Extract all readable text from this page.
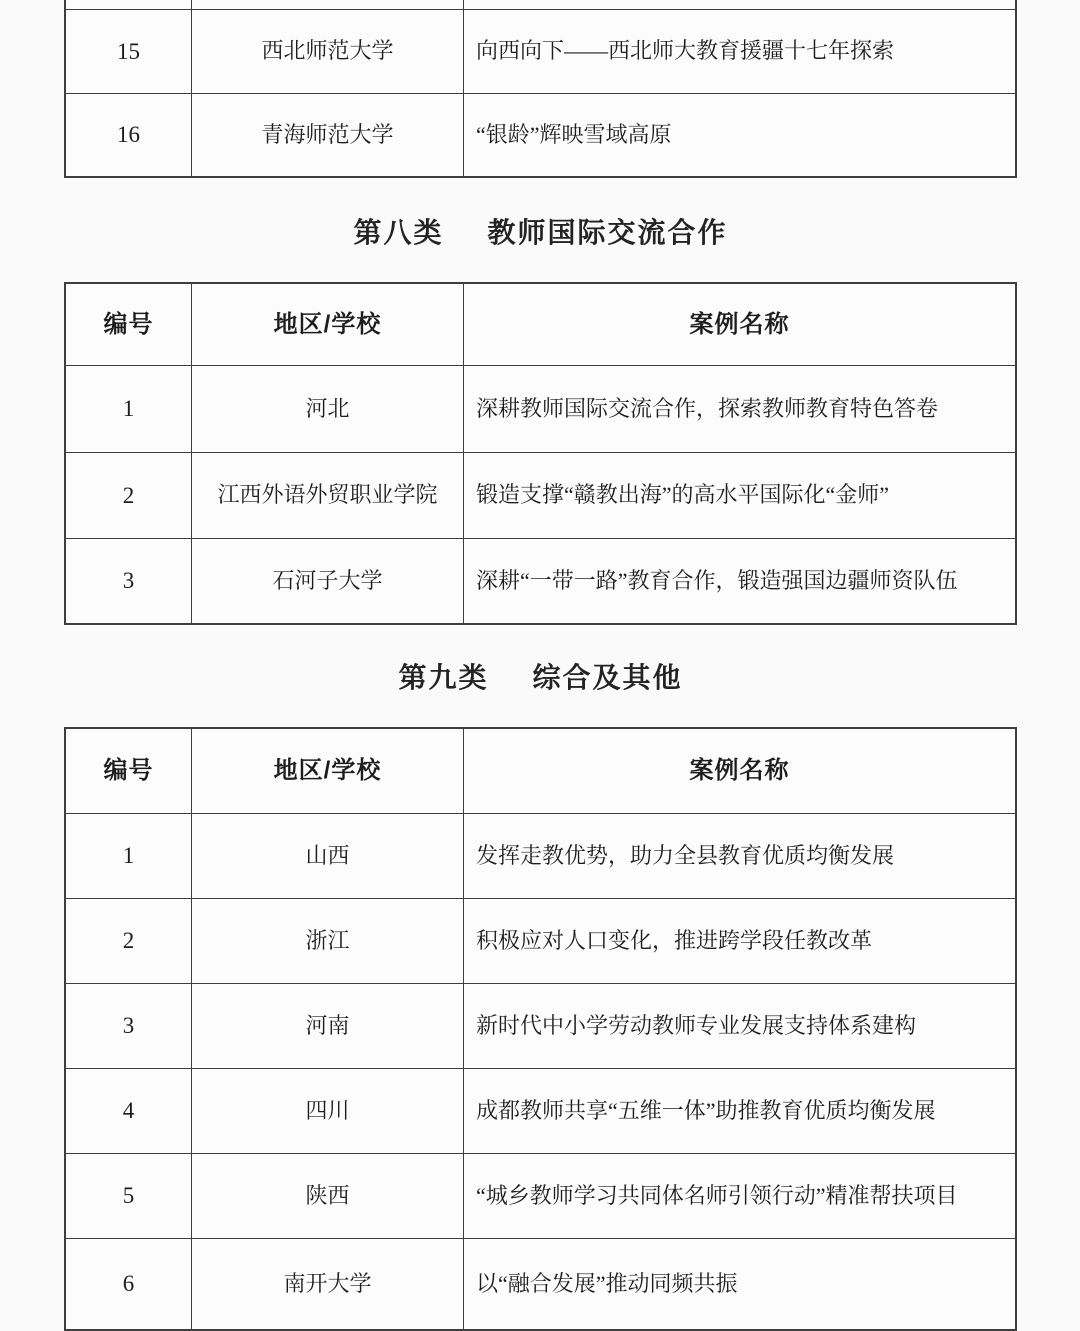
15	西北师范大学	向西向下——西北师大教育援疆十七年探索
16	青海师范大学	“银龄”辉映雪域高原
第八类 教师国际交流合作
编号	地区/学校	案例名称
1	河北	深耕教师国际交流合作，探索教师教育特色答卷
2	江西外语外贸职业学院	锻造支撑“赣教出海”的高水平国际化“金师”
3	石河子大学	深耕“一带一路”教育合作，锻造强国边疆师资队伍
第九类 综合及其他
编号	地区/学校	案例名称
1	山西	发挥走教优势，助力全县教育优质均衡发展
2	浙江	积极应对人口变化，推进跨学段任教改革
3	河南	新时代中小学劳动教师专业发展支持体系建构
4	四川	成都教师共享“五维一体”助推教育优质均衡发展
5	陕西	“城乡教师学习共同体名师引领行动”精准帮扶项目
6	南开大学	以“融合发展”推动同频共振
